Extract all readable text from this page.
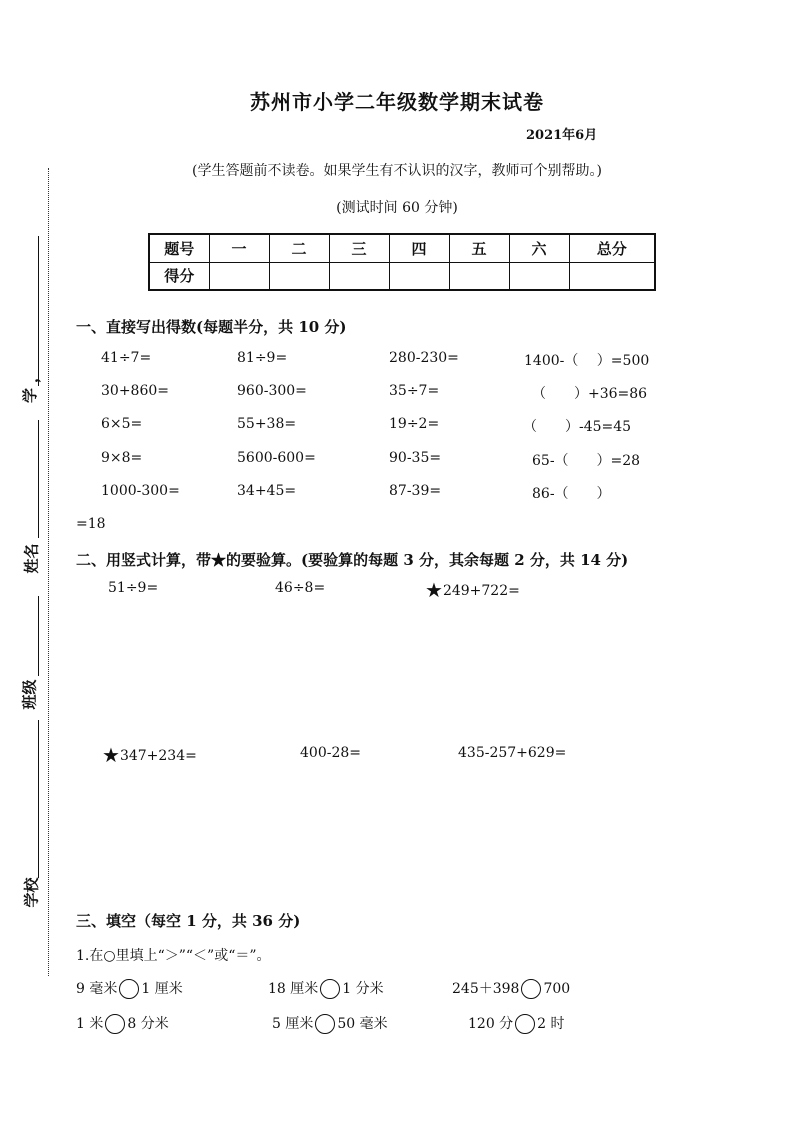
苏州市小学二年级数学期末试卷
2021年6月
(学生答题前不读卷。如果学生有不认识的汉字，教师可个别帮助。)
(测试时间 60 分钟)
题号	一	二	三	四	五	六	总分
得分							
学
，
姓名
班级
学校
一、直接写出得数(每题半分，共 10 分)
41÷7=	81÷9=	280-230=	1400-（　 ）=500
30+860=	960-300=	35÷7=	（　　）+36=86
6×5=	55+38=	19÷2=	（　　）-45=45
9×8=	5600-600=	90-35=	65-（　　）=28
1000-300=	34+45=	87-39=	86-（　　）
=18
二、用竖式计算，带★的要验算。(要验算的每题 3 分，其余每题 2 分，共 14 分)
51÷9=	46÷8=	★249+722=
★347+234=	400-28=	435-257+629=
三、填空（每空 1 分，共 36 分)
1.在○里填上“＞”“＜”或“＝”。
9 毫米 1 厘米	18 厘米 1 分米	245＋398 700
1 米 8 分米	5 厘米 50 毫米	120 分 2 时
